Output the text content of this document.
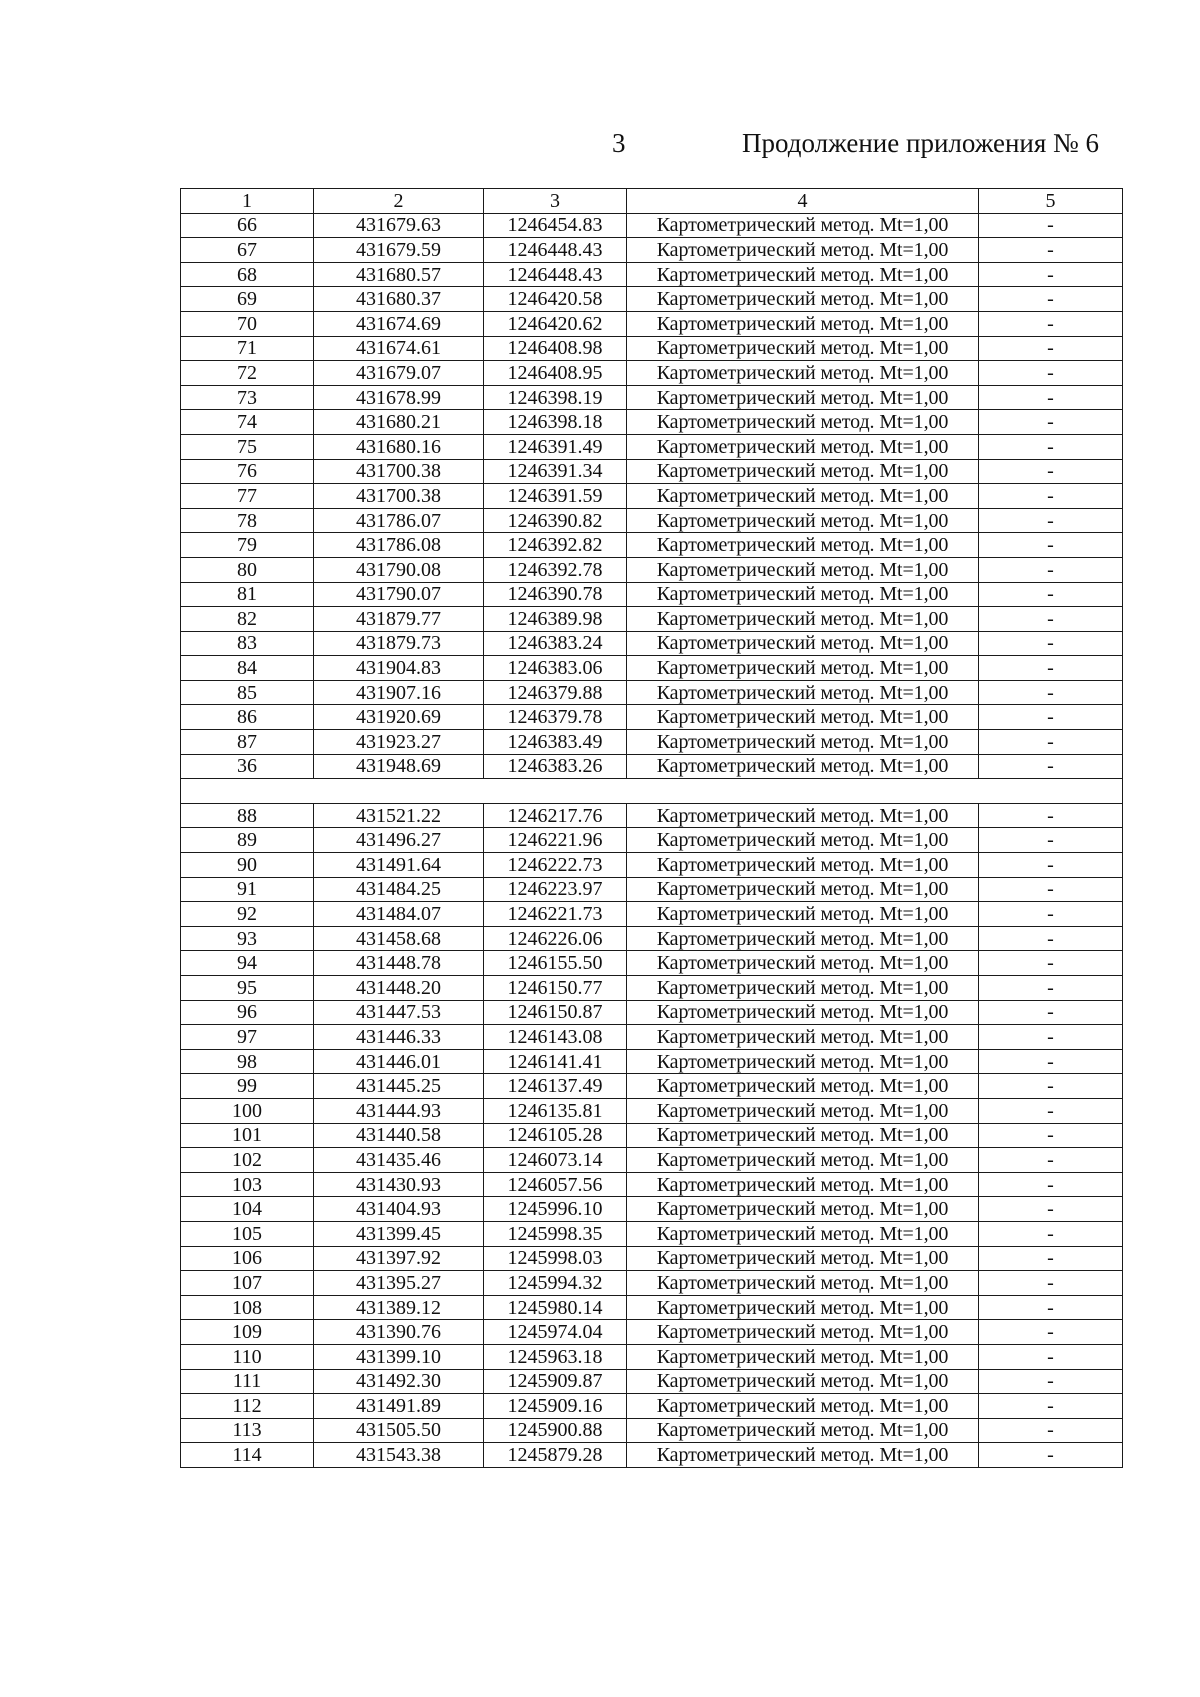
3	Продолжение приложения № 6
1	2	3	4	5
66	431679.63	1246454.83	Картометрический метод. Mt=1,00	-
67	431679.59	1246448.43	Картометрический метод. Mt=1,00	-
68	431680.57	1246448.43	Картометрический метод. Mt=1,00	-
69	431680.37	1246420.58	Картометрический метод. Mt=1,00	-
70	431674.69	1246420.62	Картометрический метод. Mt=1,00	-
71	431674.61	1246408.98	Картометрический метод. Mt=1,00	-
72	431679.07	1246408.95	Картометрический метод. Mt=1,00	-
73	431678.99	1246398.19	Картометрический метод. Mt=1,00	-
74	431680.21	1246398.18	Картометрический метод. Mt=1,00	-
75	431680.16	1246391.49	Картометрический метод. Mt=1,00	-
76	431700.38	1246391.34	Картометрический метод. Mt=1,00	-
77	431700.38	1246391.59	Картометрический метод. Mt=1,00	-
78	431786.07	1246390.82	Картометрический метод. Mt=1,00	-
79	431786.08	1246392.82	Картометрический метод. Mt=1,00	-
80	431790.08	1246392.78	Картометрический метод. Mt=1,00	-
81	431790.07	1246390.78	Картометрический метод. Mt=1,00	-
82	431879.77	1246389.98	Картометрический метод. Mt=1,00	-
83	431879.73	1246383.24	Картометрический метод. Mt=1,00	-
84	431904.83	1246383.06	Картометрический метод. Mt=1,00	-
85	431907.16	1246379.88	Картометрический метод. Mt=1,00	-
86	431920.69	1246379.78	Картометрический метод. Mt=1,00	-
87	431923.27	1246383.49	Картометрический метод. Mt=1,00	-
36	431948.69	1246383.26	Картометрический метод. Mt=1,00	-

88	431521.22	1246217.76	Картометрический метод. Mt=1,00	-
89	431496.27	1246221.96	Картометрический метод. Mt=1,00	-
90	431491.64	1246222.73	Картометрический метод. Mt=1,00	-
91	431484.25	1246223.97	Картометрический метод. Mt=1,00	-
92	431484.07	1246221.73	Картометрический метод. Mt=1,00	-
93	431458.68	1246226.06	Картометрический метод. Mt=1,00	-
94	431448.78	1246155.50	Картометрический метод. Mt=1,00	-
95	431448.20	1246150.77	Картометрический метод. Mt=1,00	-
96	431447.53	1246150.87	Картометрический метод. Mt=1,00	-
97	431446.33	1246143.08	Картометрический метод. Mt=1,00	-
98	431446.01	1246141.41	Картометрический метод. Mt=1,00	-
99	431445.25	1246137.49	Картометрический метод. Mt=1,00	-
100	431444.93	1246135.81	Картометрический метод. Mt=1,00	-
101	431440.58	1246105.28	Картометрический метод. Mt=1,00	-
102	431435.46	1246073.14	Картометрический метод. Mt=1,00	-
103	431430.93	1246057.56	Картометрический метод. Mt=1,00	-
104	431404.93	1245996.10	Картометрический метод. Mt=1,00	-
105	431399.45	1245998.35	Картометрический метод. Mt=1,00	-
106	431397.92	1245998.03	Картометрический метод. Mt=1,00	-
107	431395.27	1245994.32	Картометрический метод. Mt=1,00	-
108	431389.12	1245980.14	Картометрический метод. Mt=1,00	-
109	431390.76	1245974.04	Картометрический метод. Mt=1,00	-
110	431399.10	1245963.18	Картометрический метод. Mt=1,00	-
111	431492.30	1245909.87	Картометрический метод. Mt=1,00	-
112	431491.89	1245909.16	Картометрический метод. Mt=1,00	-
113	431505.50	1245900.88	Картометрический метод. Mt=1,00	-
114	431543.38	1245879.28	Картометрический метод. Mt=1,00	-
